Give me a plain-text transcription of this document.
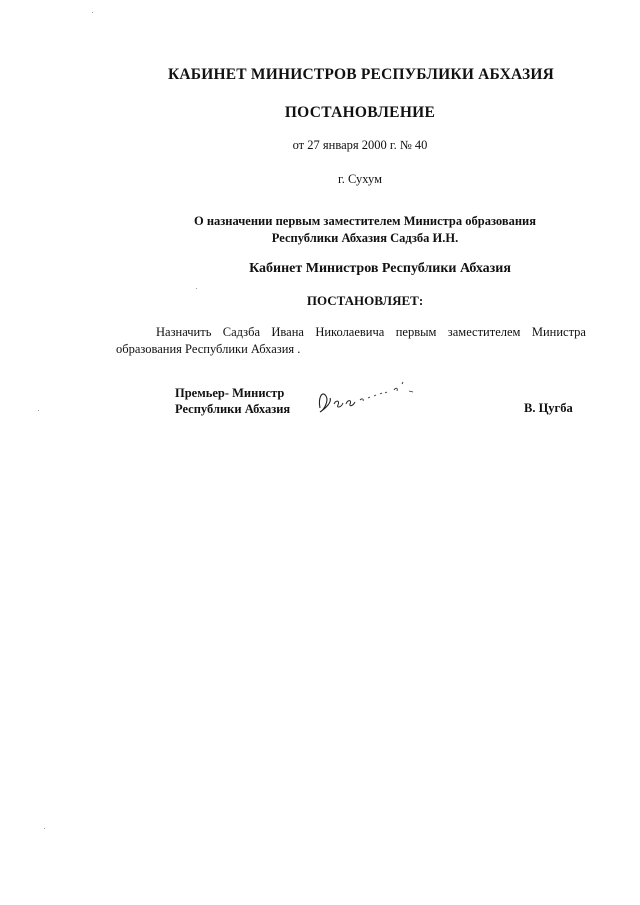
КАБИНЕТ МИНИСТРОВ РЕСПУБЛИКИ АБХАЗИЯ
ПОСТАНОВЛЕНИЕ
от 27 января 2000 г. № 40
г. Сухум
О назначении первым заместителем Министра образования
Республики Абхазия Садзба И.Н.
Кабинет Министров Республики Абхазия
ПОСТАНОВЛЯЕТ:
Назначить Садзба Ивана Николаевича первым заместителем Министра образования Республики Абхазия .
Премьер- Министр
Республики Абхазия	В. Цугба
